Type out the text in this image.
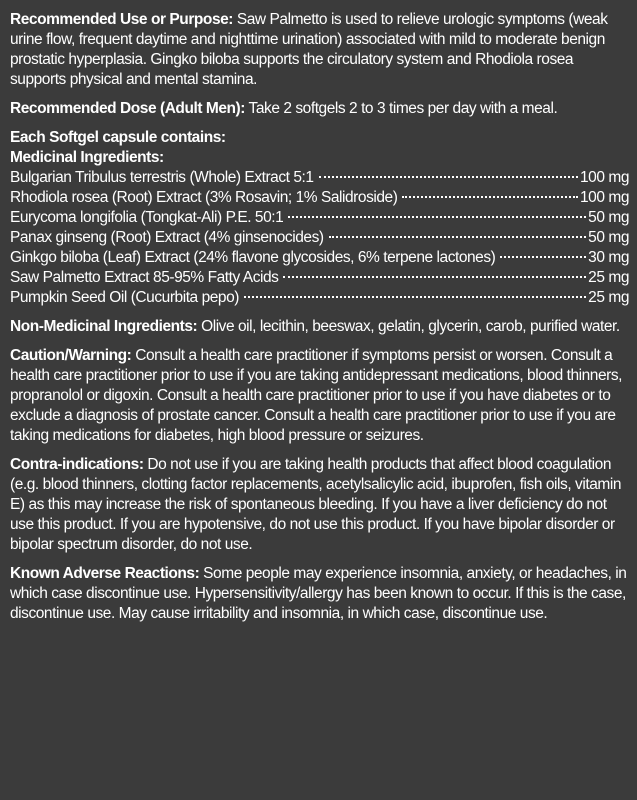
Recommended Use or Purpose: Saw Palmetto is used to relieve urologic symptoms (weak urine flow, frequent daytime and nighttime urination) associated with mild to moderate benign prostatic hyperplasia. Gingko biloba supports the circulatory system and Rhodiola rosea supports physical and mental stamina.

Recommended Dose (Adult Men): Take 2 softgels 2 to 3 times per day with a meal.

Each Softgel capsule contains:

Medicinal Ingredients:

Bulgarian Tribulus terrestris (Whole) Extract 5:1	100 mg
Rhodiola rosea (Root) Extract (3% Rosavin; 1% Salidroside)	100 mg
Eurycoma longifolia (Tongkat-Ali) P.E. 50:1	50 mg
Panax ginseng (Root) Extract (4% ginsenocides)	50 mg
Ginkgo biloba (Leaf) Extract (24% flavone glycosides, 6% terpene lactones)	30 mg
Saw Palmetto Extract 85-95% Fatty Acids	25 mg
Pumpkin Seed Oil (Cucurbita pepo)	25 mg

Non-Medicinal Ingredients: Olive oil, lecithin, beeswax, gelatin, glycerin, carob, purified water.

Caution/Warning: Consult a health care practitioner if symptoms persist or worsen. Consult a health care practitioner prior to use if you are taking antidepressant medications, blood thinners, propranolol or digoxin. Consult a health care practitioner prior to use if you have diabetes or to exclude a diagnosis of prostate cancer. Consult a health care practitioner prior to use if you are taking medications for diabetes, high blood pressure or seizures.

Contra-indications: Do not use if you are taking health products that affect blood coagulation (e.g. blood thinners, clotting factor replacements, acetylsalicylic acid, ibuprofen, fish oils, vitamin E) as this may increase the risk of spontaneous bleeding. If you have a liver deficiency do not use this product. If you are hypotensive, do not use this product. If you have bipolar disorder or bipolar spectrum disorder, do not use.

Known Adverse Reactions: Some people may experience insomnia, anxiety, or headaches, in which case discontinue use. Hypersensitivity/allergy has been known to occur. If this is the case, discontinue use. May cause irritability and insomnia, in which case, discontinue use.
